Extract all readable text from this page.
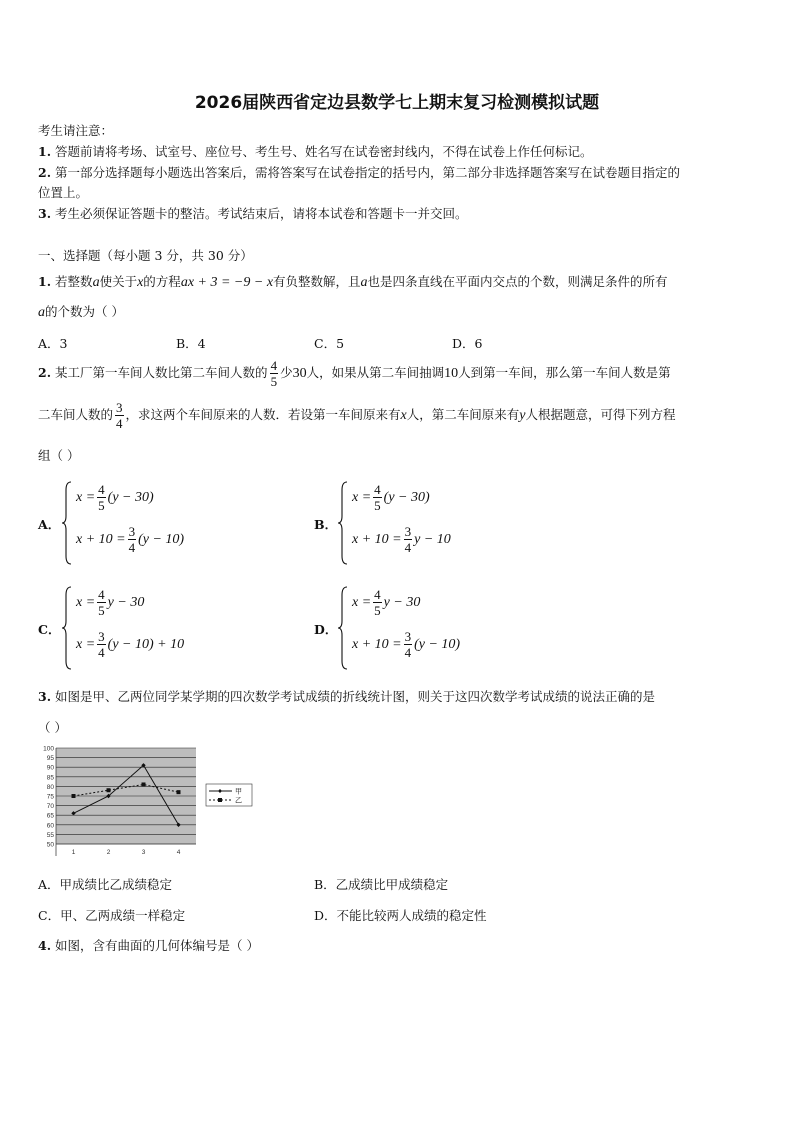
2026届陕西省定边县数学七上期末复习检测模拟试题
考生请注意：
1. 答题前请将考场、试室号、座位号、考生号、姓名写在试卷密封线内，不得在试卷上作任何标记。
2. 第一部分选择题每小题选出答案后，需将答案写在试卷指定的括号内，第二部分非选择题答案写在试卷题目指定的
位置上。
3. 考生必须保证答题卡的整洁。考试结束后，请将本试卷和答题卡一并交回。
一、选择题（每小题 3 分，共 30 分）
1. 若整数a使关于x的方程ax + 3 = −9 − x有负整数解，且a也是四条直线在平面内交点的个数，则满足条件的所有
a的个数为（ ）
A．3	B．4	C．5	D．6
2. 某工厂第一车间人数比第二车间人数的 $\frac{4}{5}$ 少30人，如果从第二车间抽调10人到第一车间，那么第一车间人数是第
二车间人数的 $\frac{3}{4}$ ，求这两个车间原来的人数．若设第一车间原来有x人，第二车间原来有y人根据题意，可得下列方程
组（ ）
A．
$x = \frac{4}{5} (y - 30)$
$x + 10 = \frac{3}{4} (y - 10)$
B．
$x = \frac{4}{5} (y - 30)$
$x + 10 = \frac{3}{4}$ y − 10
C．
$x = \frac{4}{5}$ y − 30
$x = \frac{3}{4} (y - 10) + 10$
D．
$x = \frac{4}{5}$ y − 30
$x + 10 = \frac{3}{4} (y - 10)$
3. 如图是甲、乙两位同学某学期的四次数学考试成绩的折线统计图，则关于这四次数学考试成绩的说法正确的是
（ ）
50
55
60
65
70
75
80
85
90
95
100
1	2	3	4
甲
乙
A．甲成绩比乙成绩稳定	B．乙成绩比甲成绩稳定
C．甲、乙两成绩一样稳定	D．不能比较两人成绩的稳定性
4. 如图，含有曲面的几何体编号是（ ）
